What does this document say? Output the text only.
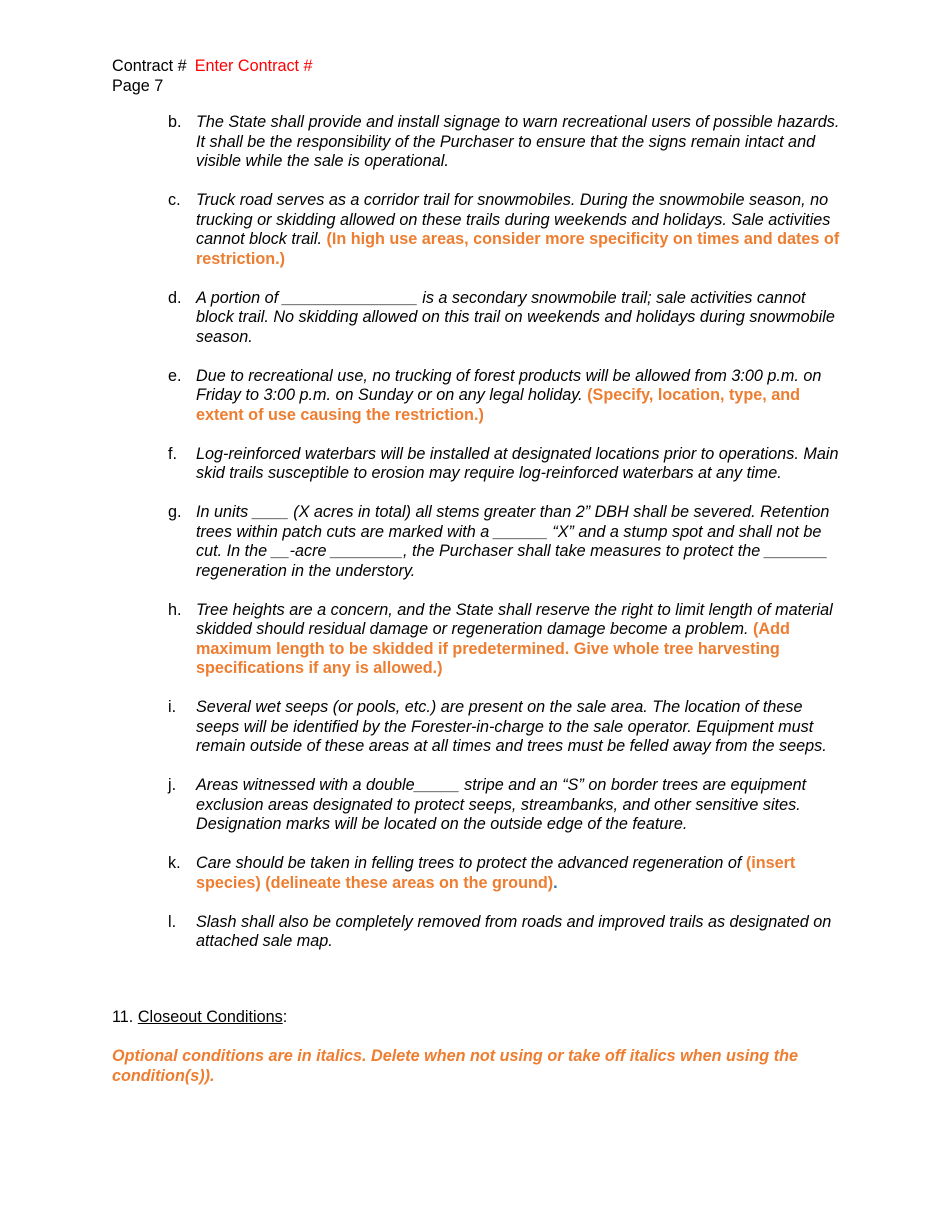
Contract # Enter Contract #
Page 7
b. The State shall provide and install signage to warn recreational users of possible hazards. It shall be the responsibility of the Purchaser to ensure that the signs remain intact and visible while the sale is operational.
c. Truck road serves as a corridor trail for snowmobiles. During the snowmobile season, no trucking or skidding allowed on these trails during weekends and holidays. Sale activities cannot block trail. (In high use areas, consider more specificity on times and dates of restriction.)
d. A portion of _______________ is a secondary snowmobile trail; sale activities cannot block trail. No skidding allowed on this trail on weekends and holidays during snowmobile season.
e. Due to recreational use, no trucking of forest products will be allowed from 3:00 p.m. on Friday to 3:00 p.m. on Sunday or on any legal holiday. (Specify, location, type, and extent of use causing the restriction.)
f. Log-reinforced waterbars will be installed at designated locations prior to operations. Main skid trails susceptible to erosion may require log-reinforced waterbars at any time.
g. In units ____ (X acres in total) all stems greater than 2” DBH shall be severed. Retention trees within patch cuts are marked with a ______ “X” and a stump spot and shall not be cut. In the __-acre ________, the Purchaser shall take measures to protect the _______ regeneration in the understory.
h. Tree heights are a concern, and the State shall reserve the right to limit length of material skidded should residual damage or regeneration damage become a problem. (Add maximum length to be skidded if predetermined. Give whole tree harvesting specifications if any is allowed.)
i. Several wet seeps (or pools, etc.) are present on the sale area. The location of these seeps will be identified by the Forester-in-charge to the sale operator. Equipment must remain outside of these areas at all times and trees must be felled away from the seeps.
j. Areas witnessed with a double_____ stripe and an “S” on border trees are equipment exclusion areas designated to protect seeps, streambanks, and other sensitive sites. Designation marks will be located on the outside edge of the feature.
k. Care should be taken in felling trees to protect the advanced regeneration of (insert species) (delineate these areas on the ground).
l. Slash shall also be completely removed from roads and improved trails as designated on attached sale map.
11. Closeout Conditions:
Optional conditions are in italics. Delete when not using or take off italics when using the condition(s)).
